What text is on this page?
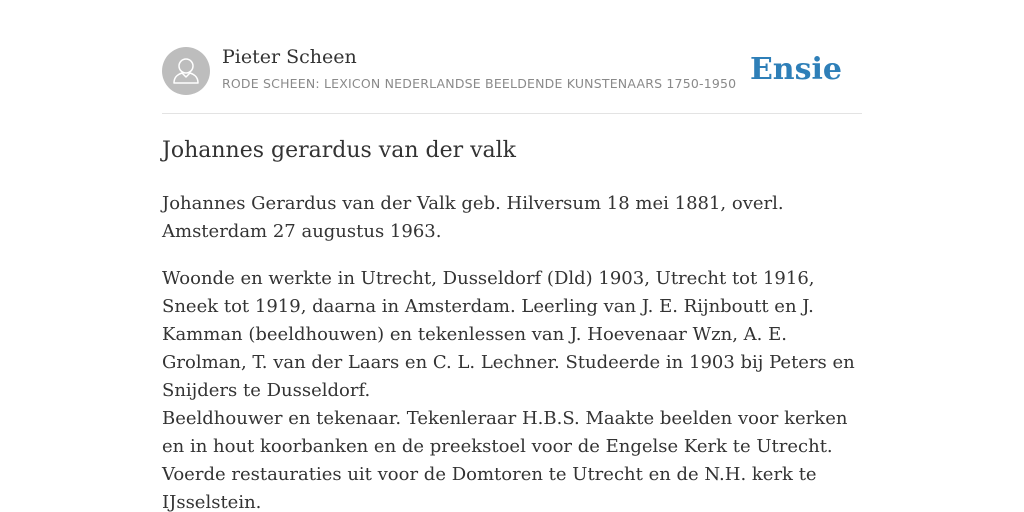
Pieter Scheen
RODE SCHEEN: LEXICON NEDERLANDSE BEELDENDE KUNSTENAARS 1750-1950 Ensie
Johannes gerardus van der valk

Johannes Gerardus van der Valk geb. Hilversum 18 mei 1881, overl. Amsterdam 27 augustus 1963.

Woonde en werkte in Utrecht, Dusseldorf (Dld) 1903, Utrecht tot 1916, Sneek tot 1919, daarna in Amsterdam. Leerling van J. E. Rijnboutt en J. Kamman (beeldhouwen) en tekenlessen van J. Hoevenaar Wzn, A. E. Grolman, T. van der Laars en C. L. Lechner. Studeerde in 1903 bij Peters en Snijders te Dusseldorf.

Beeldhouwer en tekenaar. Tekenleraar H.B.S. Maakte beelden voor kerken en in hout koorbanken en de preekstoel voor de Engelse Kerk te Utrecht. Voerde restauraties uit voor de Domtoren te Utrecht en de N.H. kerk te IJsselstein.
